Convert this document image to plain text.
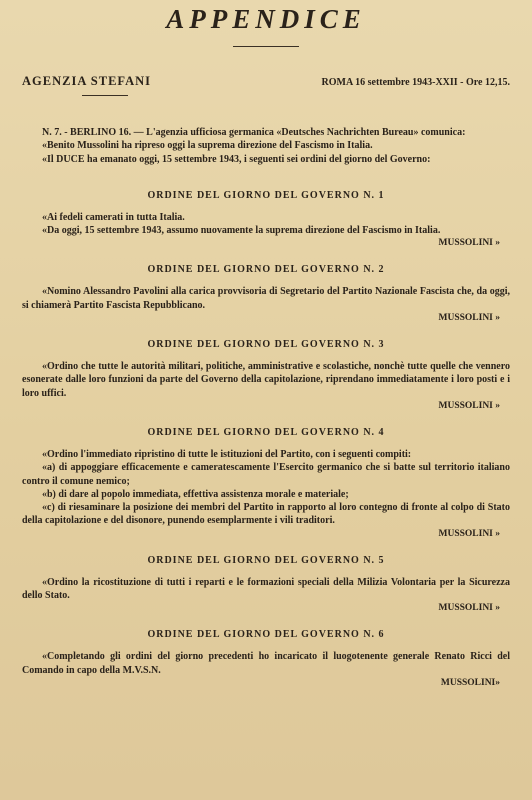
APPENDICE
AGENZIA STEFANI	ROMA 16 settembre 1943-XXII - Ore 12,15.

N. 7. - BERLINO 16. — L'agenzia ufficiosa germanica «Deutsches Nachrichten Bureau» comunica:

«Benito Mussolini ha ripreso oggi la suprema direzione del Fascismo in Italia.

«Il DUCE ha emanato oggi, 15 settembre 1943, i seguenti sei ordini del giorno del Governo:

ORDINE DEL GIORNO DEL GOVERNO N. 1

«Ai fedeli camerati in tutta Italia.

«Da oggi, 15 settembre 1943, assumo nuovamente la suprema direzione del Fascismo in Italia.

MUSSOLINI »
ORDINE DEL GIORNO DEL GOVERNO N. 2

«Nomino Alessandro Pavolini alla carica provvisoria di Segretario del Partito Nazionale Fascista che, da oggi, si chiamerà Partito Fascista Repubblicano.

MUSSOLINI »
ORDINE DEL GIORNO DEL GOVERNO N. 3

«Ordino che tutte le autorità militari, politiche, amministrative e scolastiche, nonchè tutte quelle che vennero esonerate dalle loro funzioni da parte del Governo della capitolazione, riprendano immediatamente i loro posti e i loro uffici.

MUSSOLINI »
ORDINE DEL GIORNO DEL GOVERNO N. 4

«Ordino l'immediato ripristino di tutte le istituzioni del Partito, con i seguenti compiti:

«a) di appoggiare efficacemente e cameratescamente l'Esercito germanico che si batte sul territorio italiano contro il comune nemico;

«b) di dare al popolo immediata, effettiva assistenza morale e materiale;

«c) di riesaminare la posizione dei membri del Partito in rapporto al loro contegno di fronte al colpo di Stato della capitolazione e del disonore, punendo esemplarmente i vili traditori.

MUSSOLINI »
ORDINE DEL GIORNO DEL GOVERNO N. 5

«Ordino la ricostituzione di tutti i reparti e le formazioni speciali della Milizia Volontaria per la Sicurezza dello Stato.

MUSSOLINI »
ORDINE DEL GIORNO DEL GOVERNO N. 6

«Completando gli ordini del giorno precedenti ho incaricato il luogotenente generale Renato Ricci del Comando in capo della M.V.S.N.

MUSSOLINI»
